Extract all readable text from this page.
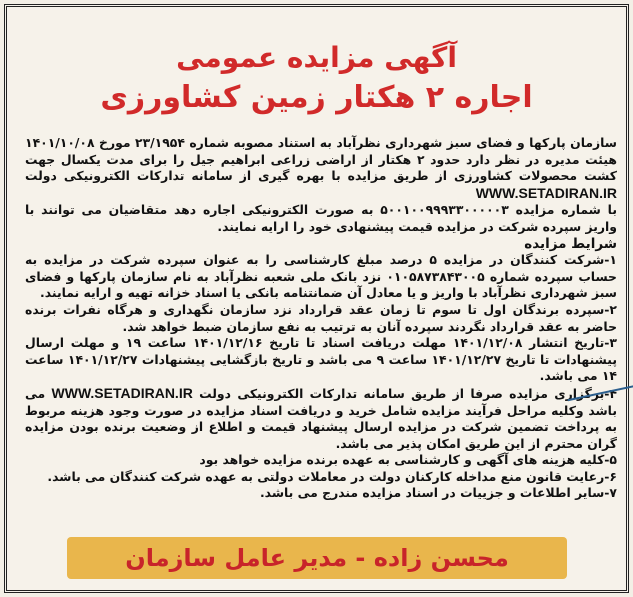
آگهی مزایده عمومی
اجاره ۲ هکتار زمین کشاورزی

سازمان پارکها و فضای سبز شهرداری نظرآباد به استناد مصوبه شماره ۲۳/۱۹۵۴ مورخ ۱۴۰۱/۱۰/۰۸ هیئت مدیره در نظر دارد حدود ۲ هکتار از اراضی زراعی ابراهیم جیل را برای مدت یکسال جهت کشت محصولات کشاورزی از طریق مزایده با بهره گیری از سامانه تدارکات الکترونیکی دولت WWW.SETADIRAN.IR

با شماره مزایده ۵۰۰۱۰۰۹۹۹۳۳۰۰۰۰۰۳ به صورت الکترونیکی اجاره دهد متقاضیان می توانند با واریز سپرده شرکت در مزایده قیمت پیشنهادی خود را ارایه نمایند.

شرایط مزایده

۱-شرکت کنندگان در مزایده ۵ درصد مبلغ کارشناسی را به عنوان سپرده شرکت در مزایده به حساب سپرده شماره ۰۱۰۵۸۷۳۸۴۳۰۰۵ نزد بانک ملی شعبه نظرآباد به نام سازمان پارکها و فضای سبز شهرداری نظرآباد با واریز و یا معادل آن ضمانتنامه بانکی یا اسناد خزانه تهیه و ارایه نمایند.

۲-سپرده برندگان اول تا سوم تا زمان عقد قرارداد نزد سازمان نگهداری و هرگاه نفرات برنده حاضر به عقد قرارداد نگردند سپرده آنان به ترتیب به نفع سازمان ضبط خواهد شد.

۳-تاریخ انتشار ۱۴۰۱/۱۲/۰۸ مهلت دریافت اسناد تا تاریخ ۱۴۰۱/۱۲/۱۶ ساعت ۱۹ و مهلت ارسال پیشنهادات تا تاریخ ۱۴۰۱/۱۲/۲۷ ساعت ۹ می باشد و تاریخ بازگشایی پیشنهادات ۱۴۰۱/۱۲/۲۷ ساعت ۱۴ می باشد.

۴-برگزاری مزایده صرفا از طریق سامانه تدارکات الکترونیکی دولت WWW.SETADIRAN.IR می باشد وکلیه مراحل فرآیند مزایده شامل خرید و دریافت اسناد مزایده در صورت وجود هزینه مربوط به پرداخت تضمین شرکت در مزایده ارسال پیشنهاد قیمت و اطلاع از وضعیت برنده بودن مزایده گران محترم از این طریق امکان پذیر می باشد.

۵-کلیه هزینه های آگهی و کارشناسی به عهده برنده مزایده خواهد بود

۶-رعایت قانون منع مداخله کارکنان دولت در معاملات دولتی به عهده شرکت کنندگان می باشد.

۷-سایر اطلاعات و جزییات در اسناد مزایده مندرج می باشد.

محسن زاده - مدیر عامل سازمان
